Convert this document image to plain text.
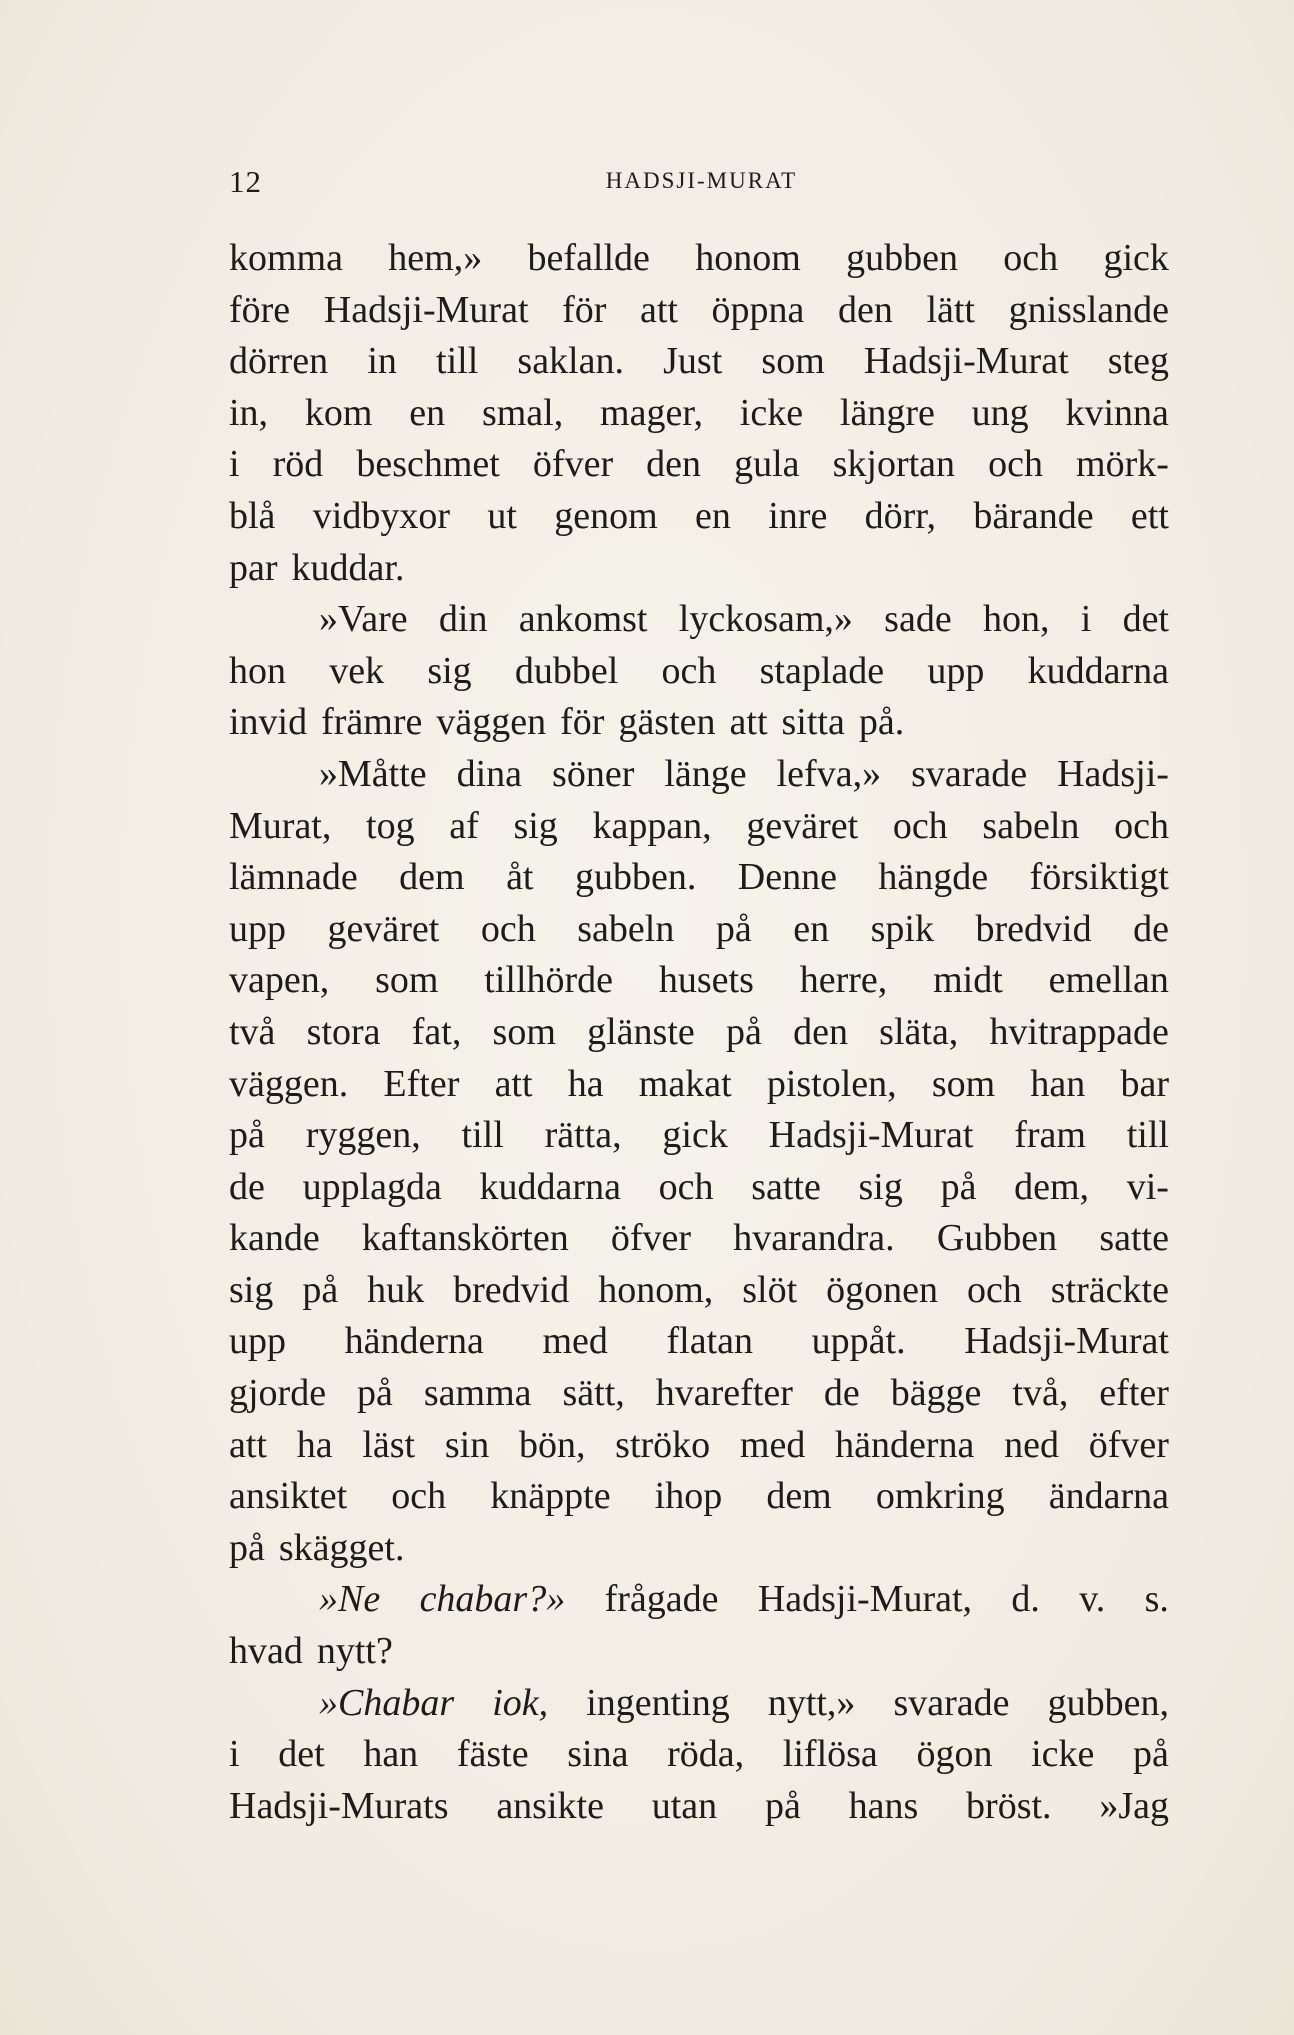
12	HADSJI-MURAT
komma hem,» befallde honom gubben och gick
före Hadsji-Murat för att öppna den lätt gnisslande
dörren in till saklan. Just som Hadsji-Murat steg
in, kom en smal, mager, icke längre ung kvinna
i röd beschmet öfver den gula skjortan och mörk-
blå vidbyxor ut genom en inre dörr, bärande ett
par kuddar.
»Vare din ankomst lyckosam,» sade hon, i det
hon vek sig dubbel och staplade upp kuddarna
invid främre väggen för gästen att sitta på.
»Måtte dina söner länge lefva,» svarade Hadsji-
Murat, tog af sig kappan, geväret och sabeln och
lämnade dem åt gubben. Denne hängde försiktigt
upp geväret och sabeln på en spik bredvid de
vapen, som tillhörde husets herre, midt emellan
två stora fat, som glänste på den släta, hvitrappade
väggen. Efter att ha makat pistolen, som han bar
på ryggen, till rätta, gick Hadsji-Murat fram till
de upplagda kuddarna och satte sig på dem, vi-
kande kaftanskörten öfver hvarandra. Gubben satte
sig på huk bredvid honom, slöt ögonen och sträckte
upp händerna med flatan uppåt. Hadsji-Murat
gjorde på samma sätt, hvarefter de bägge två, efter
att ha läst sin bön, ströko med händerna ned öfver
ansiktet och knäppte ihop dem omkring ändarna
på skägget.
»Ne chabar?» frågade Hadsji-Murat, d. v. s.
hvad nytt?
»Chabar iok, ingenting nytt,» svarade gubben,
i det han fäste sina röda, liflösa ögon icke på
Hadsji-Murats ansikte utan på hans bröst. »Jag
